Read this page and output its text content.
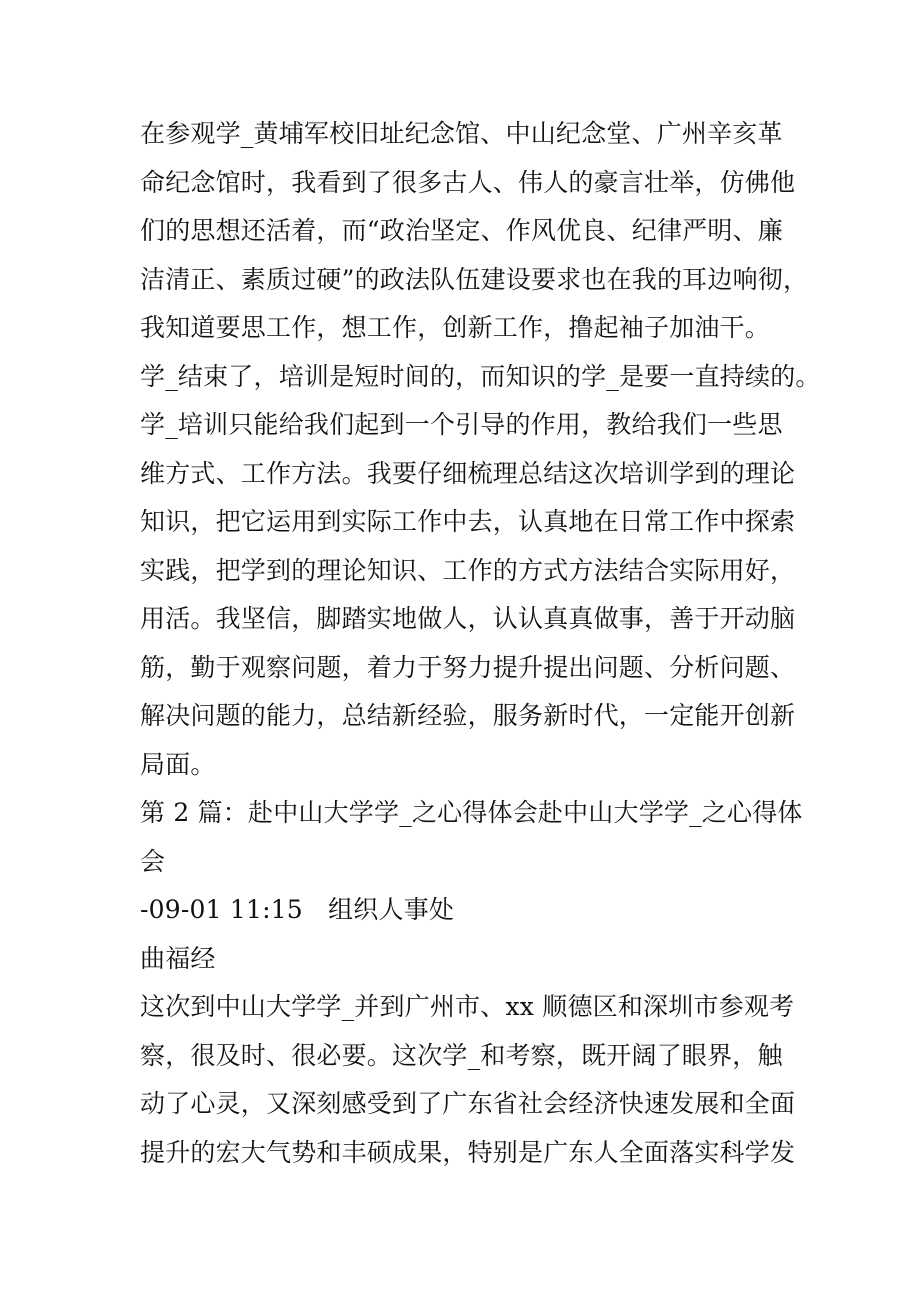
在参观学_黄埔军校旧址纪念馆、中山纪念堂、广州辛亥革
命纪念馆时，我看到了很多古人、伟人的豪言壮举，仿佛他
们的思想还活着，而“政治坚定、作风优良、纪律严明、廉
洁清正、素质过硬”的政法队伍建设要求也在我的耳边响彻，
我知道要思工作，想工作，创新工作，撸起袖子加油干。
学_结束了，培训是短时间的，而知识的学_是要一直持续的。
学_培训只能给我们起到一个引导的作用，教给我们一些思
维方式、工作方法。我要仔细梳理总结这次培训学到的理论
知识，把它运用到实际工作中去，认真地在日常工作中探索
实践，把学到的理论知识、工作的方式方法结合实际用好，
用活。我坚信，脚踏实地做人，认认真真做事，善于开动脑
筋，勤于观察问题，着力于努力提升提出问题、分析问题、
解决问题的能力，总结新经验，服务新时代，一定能开创新
局面。
第 2 篇：赴中山大学学_之心得体会赴中山大学学_之心得体
会
-09-01 11:15　组织人事处
曲福经
这次到中山大学学_并到广州市、xx 顺德区和深圳市参观考
察，很及时、很必要。这次学_和考察，既开阔了眼界，触
动了心灵，又深刻感受到了广东省社会经济快速发展和全面
提升的宏大气势和丰硕成果，特别是广东人全面落实科学发
